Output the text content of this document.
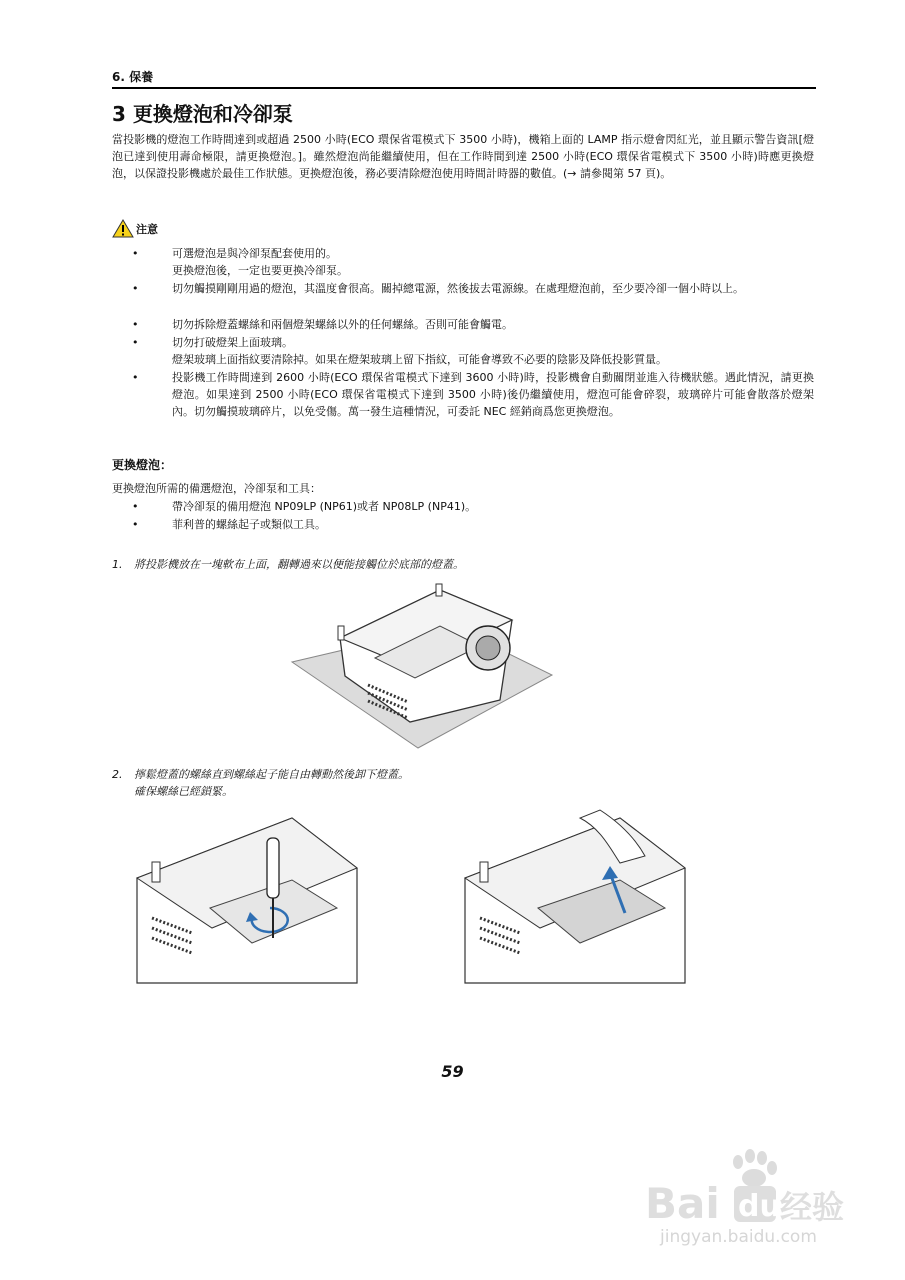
6. 保養
3 更換燈泡和冷卻泵
當投影機的燈泡工作時間達到或超過 2500 小時(ECO 環保省電模式下 3500 小時)，機箱上面的 LAMP 指示燈會閃紅光，並且顯示警告資訊[燈泡已達到使用壽命極限，請更換燈泡。]。雖然燈泡尚能繼續使用，但在工作時間到達 2500 小時(ECO 環保省電模式下 3500 小時)時應更換燈泡，以保證投影機處於最佳工作狀態。更換燈泡後，務必要清除燈泡使用時間計時器的數值。(→ 請參閱第 57 頁)。
注意
•	可選燈泡是與冷卻泵配套使用的。
更換燈泡後，一定也要更換冷卻泵。
•	切勿觸摸剛剛用過的燈泡，其溫度會很高。關掉總電源，然後拔去電源線。在處理燈泡前，至少要冷卻一個小時以上。
•	切勿拆除燈蓋螺絲和兩個燈架螺絲以外的任何螺絲。否則可能會觸電。
•	切勿打破燈架上面玻璃。
燈架玻璃上面指紋要清除掉。如果在燈架玻璃上留下指紋，可能會導致不必要的陰影及降低投影質量。
•	投影機工作時間達到 2600 小時(ECO 環保省電模式下達到 3600 小時)時，投影機會自動關閉並進入待機狀態。遇此情況，請更換燈泡。如果達到 2500 小時(ECO 環保省電模式下達到 3500 小時)後仍繼續使用，燈泡可能會碎裂，玻璃碎片可能會散落於燈架內。切勿觸摸玻璃碎片，以免受傷。萬一發生這種情況，可委託 NEC 經銷商爲您更換燈泡。
更換燈泡：
更換燈泡所需的備選燈泡，冷卻泵和工具：
•	帶冷卻泵的備用燈泡 NP09LP (NP61)或者 NP08LP (NP41)。
•	菲利普的螺絲起子或類似工具。
1. 將投影機放在一塊軟布上面，翻轉過來以便能接觸位於底部的燈蓋。
2. 擰鬆燈蓋的螺絲直到螺絲起子能自由轉動然後卸下燈蓋。
確保螺絲已經鎖緊。
59
Bai du 经验
jingyan.baidu.com
